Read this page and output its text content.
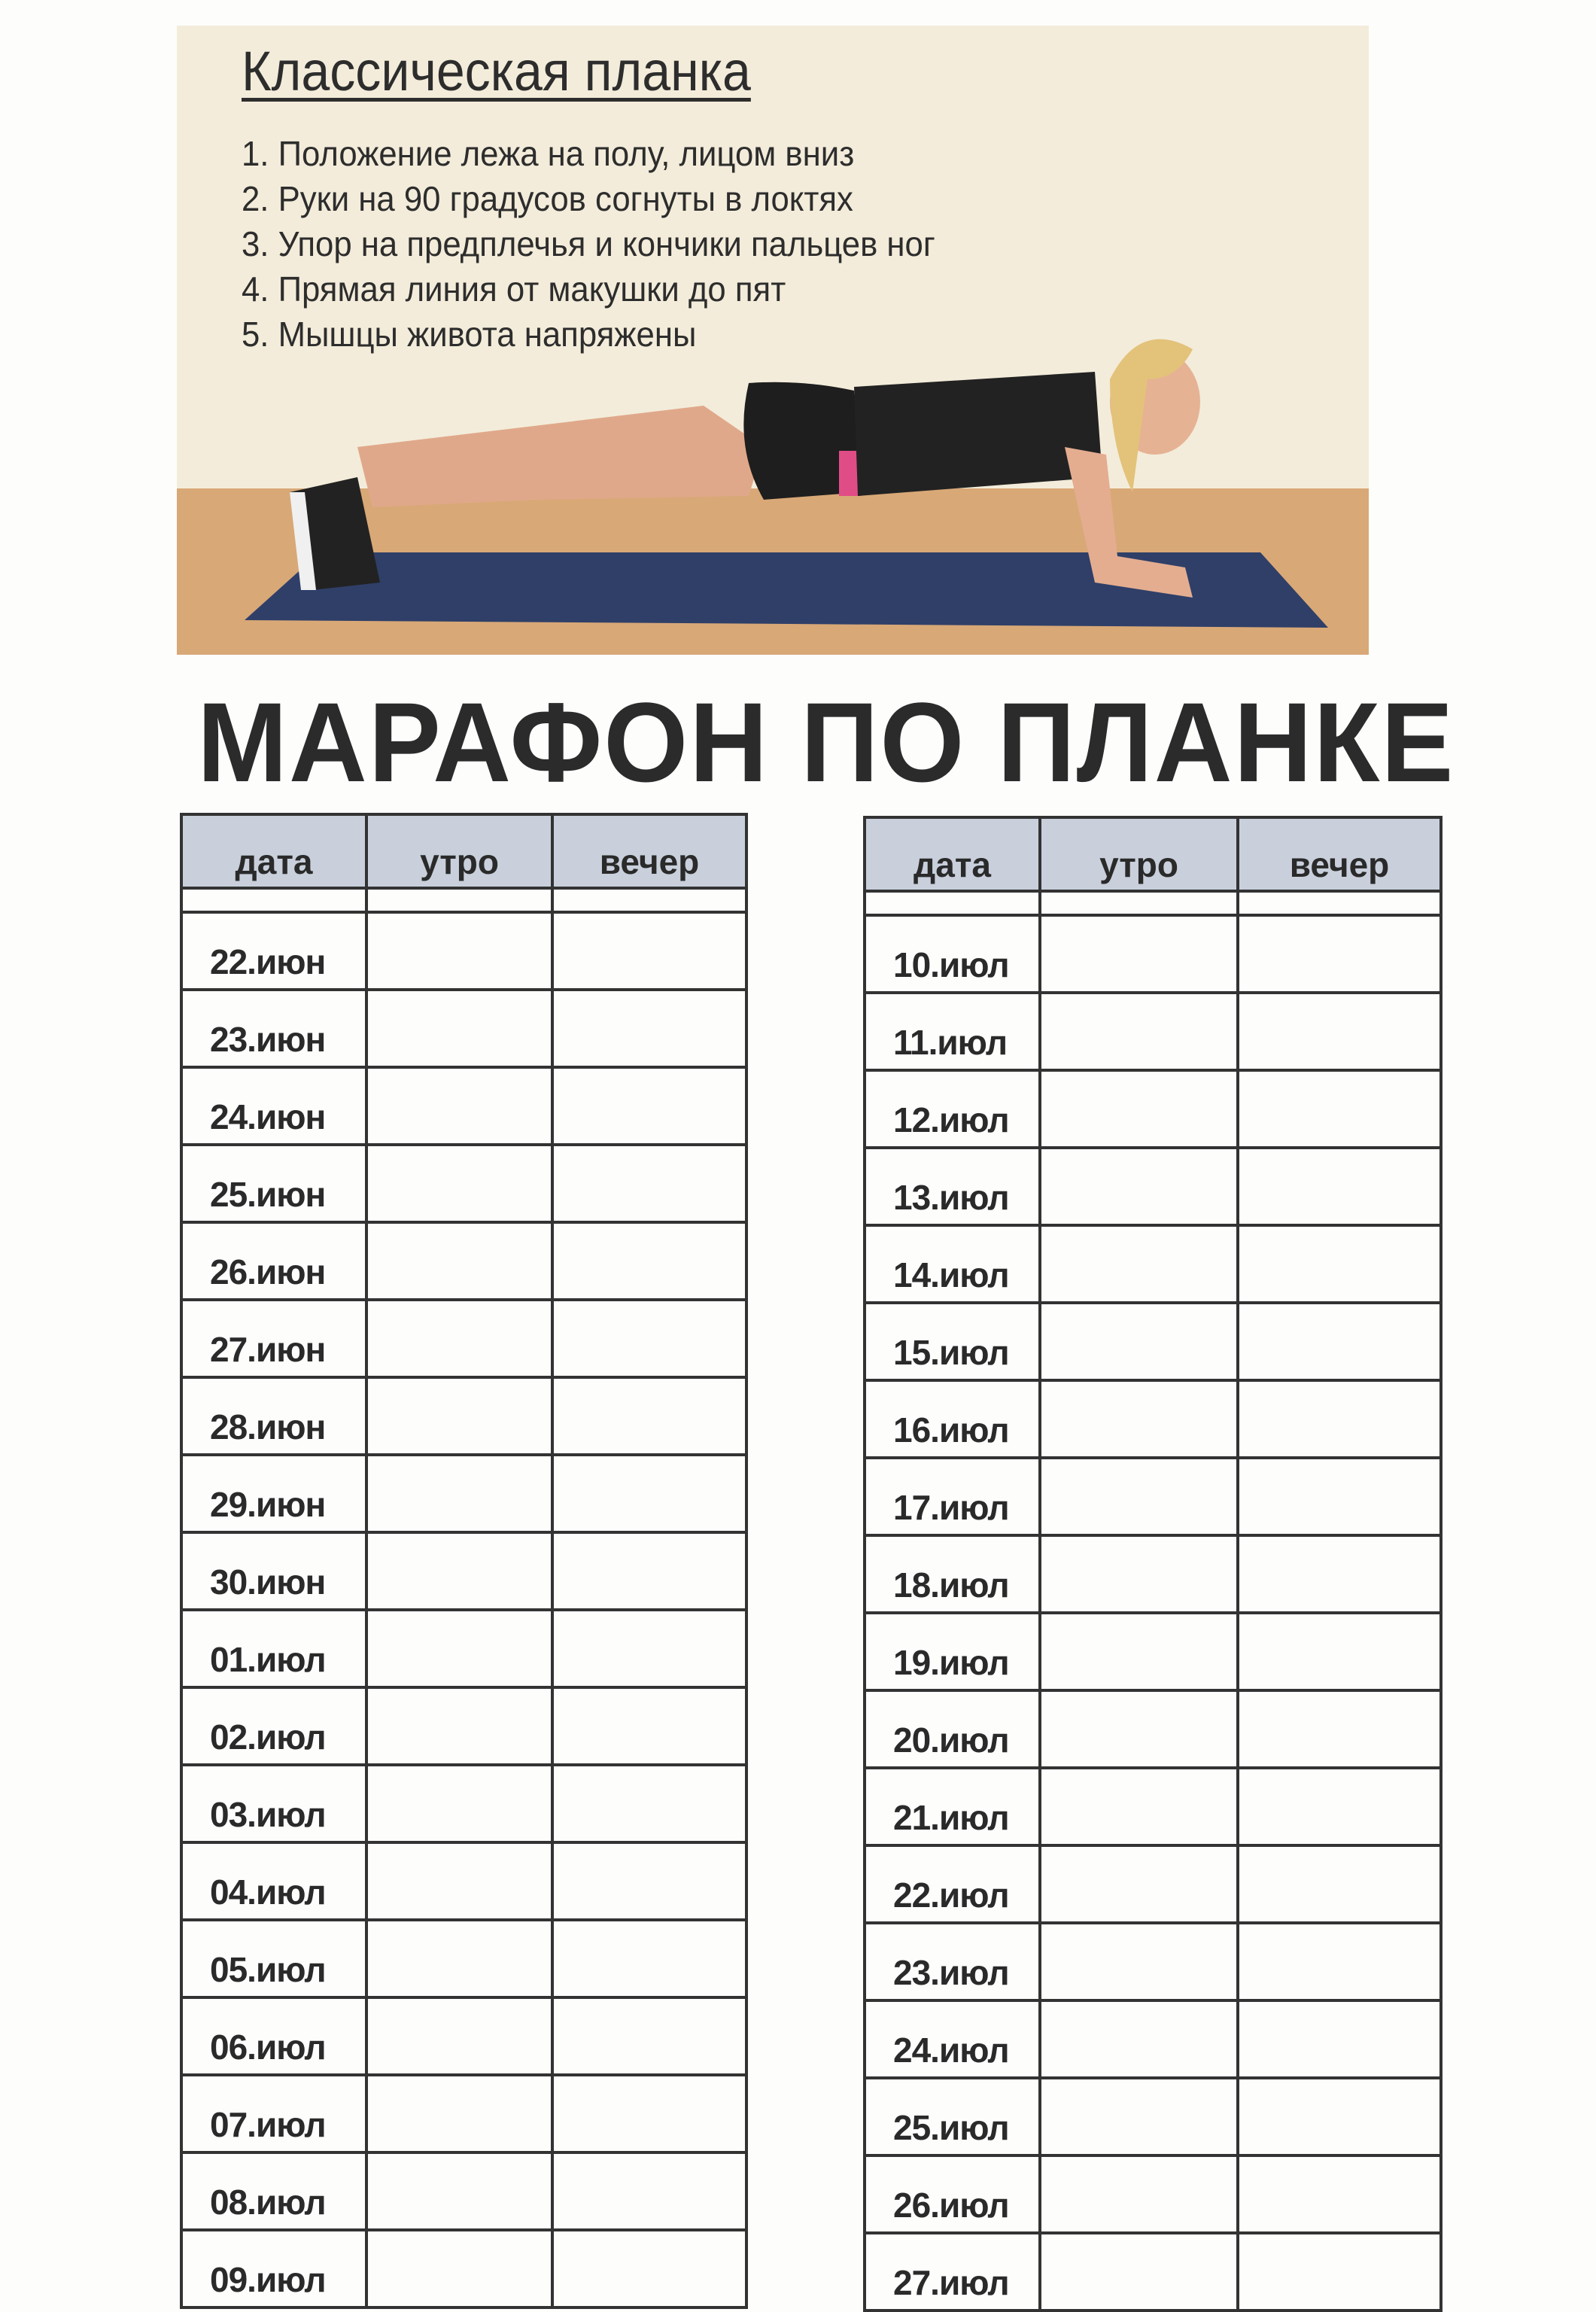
Классическая планка
1. Положение лежа на полу, лицом вниз
2. Руки на 90 градусов согнуты в локтях
3. Упор на предплечья и кончики пальцев ног
4. Прямая линия от макушки до пят
5. Мышцы живота напряжены
МАРАФОН ПО ПЛАНКЕ
дата	утро	вечер

22.июн		
23.июн		
24.июн		
25.июн		
26.июн		
27.июн		
28.июн		
29.июн		
30.июн		
01.июл		
02.июл		
03.июл		
04.июл		
05.июл		
06.июл		
07.июл		
08.июл		
09.июл		
дата	утро	вечер

10.июл		
11.июл		
12.июл		
13.июл		
14.июл		
15.июл		
16.июл		
17.июл		
18.июл		
19.июл		
20.июл		
21.июл		
22.июл		
23.июл		
24.июл		
25.июл		
26.июл		
27.июл		
